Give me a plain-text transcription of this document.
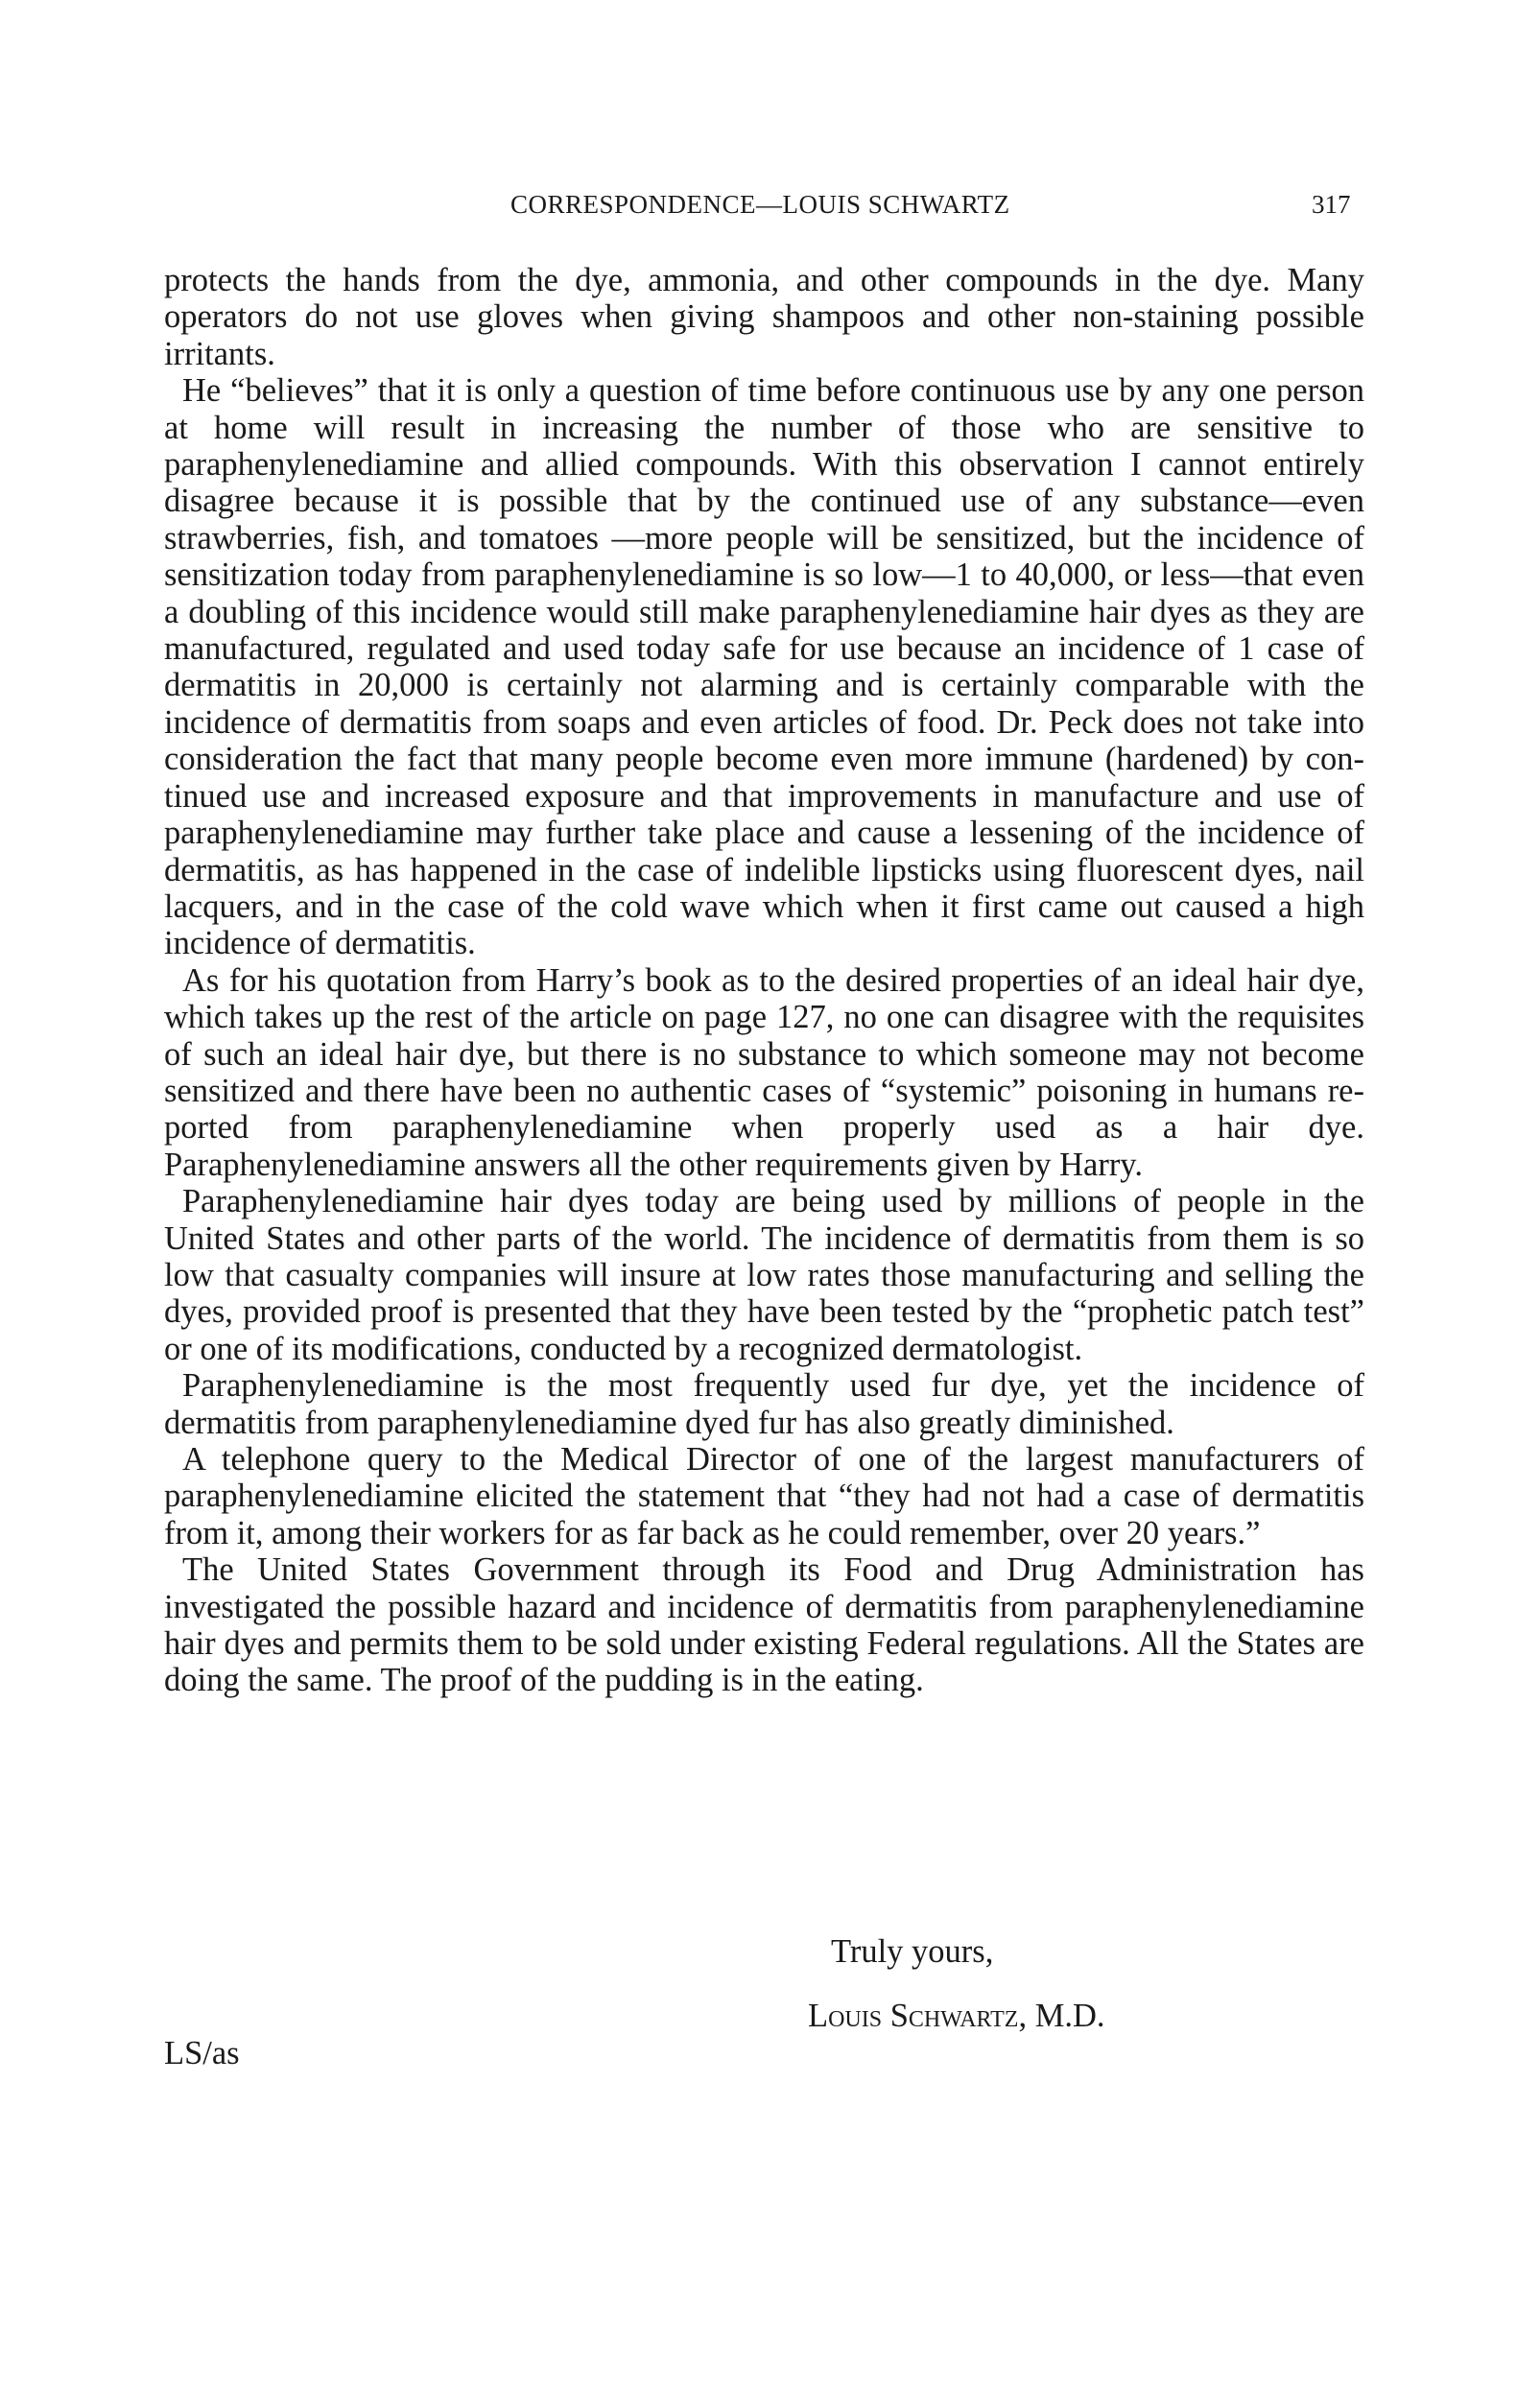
CORRESPONDENCE—LOUIS SCHWARTZ	317

protects the hands from the dye, ammonia, and other compounds in the dye. Many operators do not use gloves when giving shampoos and other non-staining possible irritants.

He “believes” that it is only a question of time before continuous use by any one person at home will result in increasing the number of those who are sensitive to paraphenylenediamine and allied compounds. With this observation I cannot entirely disagree because it is possible that by the continued use of any substance—even strawberries, fish, and tomatoes —more people will be sensitized, but the incidence of sensitization today from paraphenylenediamine is so low—1 to 40,000, or less—that even a doubling of this incidence would still make paraphenylenediamine hair dyes as they are manufactured, regulated and used today safe for use because an incidence of 1 case of dermatitis in 20,000 is certainly not alarming and is certainly comparable with the incidence of dermatitis from soaps and even articles of food. Dr. Peck does not take into consideration the fact that many people become even more immune (hardened) by continued use and increased exposure and that improvements in manufacture and use of paraphenylenediamine may further take place and cause a lessening of the incidence of dermatitis, as has happened in the case of indelible lipsticks using fluorescent dyes, nail lacquers, and in the case of the cold wave which when it first came out caused a high incidence of dermatitis.

As for his quotation from Harry’s book as to the desired properties of an ideal hair dye, which takes up the rest of the article on page 127, no one can disagree with the requisites of such an ideal hair dye, but there is no substance to which someone may not become sensitized and there have been no authentic cases of “systemic” poisoning in humans reported from paraphenylenediamine when properly used as a hair dye. Paraphenylenediamine answers all the other requirements given by Harry.

Paraphenylenediamine hair dyes today are being used by millions of people in the United States and other parts of the world. The incidence of dermatitis from them is so low that casualty companies will insure at low rates those manufacturing and selling the dyes, provided proof is presented that they have been tested by the “prophetic patch test” or one of its modifications, conducted by a recognized dermatologist.

Paraphenylenediamine is the most frequently used fur dye, yet the incidence of dermatitis from paraphenylenediamine dyed fur has also greatly diminished.

A telephone query to the Medical Director of one of the largest manufacturers of paraphenylenediamine elicited the statement that “they had not had a case of dermatitis from it, among their workers for as far back as he could remember, over 20 years.”

The United States Government through its Food and Drug Administration has investigated the possible hazard and incidence of dermatitis from paraphenylenediamine hair dyes and permits them to be sold under existing Federal regulations. All the States are doing the same. The proof of the pudding is in the eating.

Truly yours,
Louis Schwartz, M.D.
LS/as
